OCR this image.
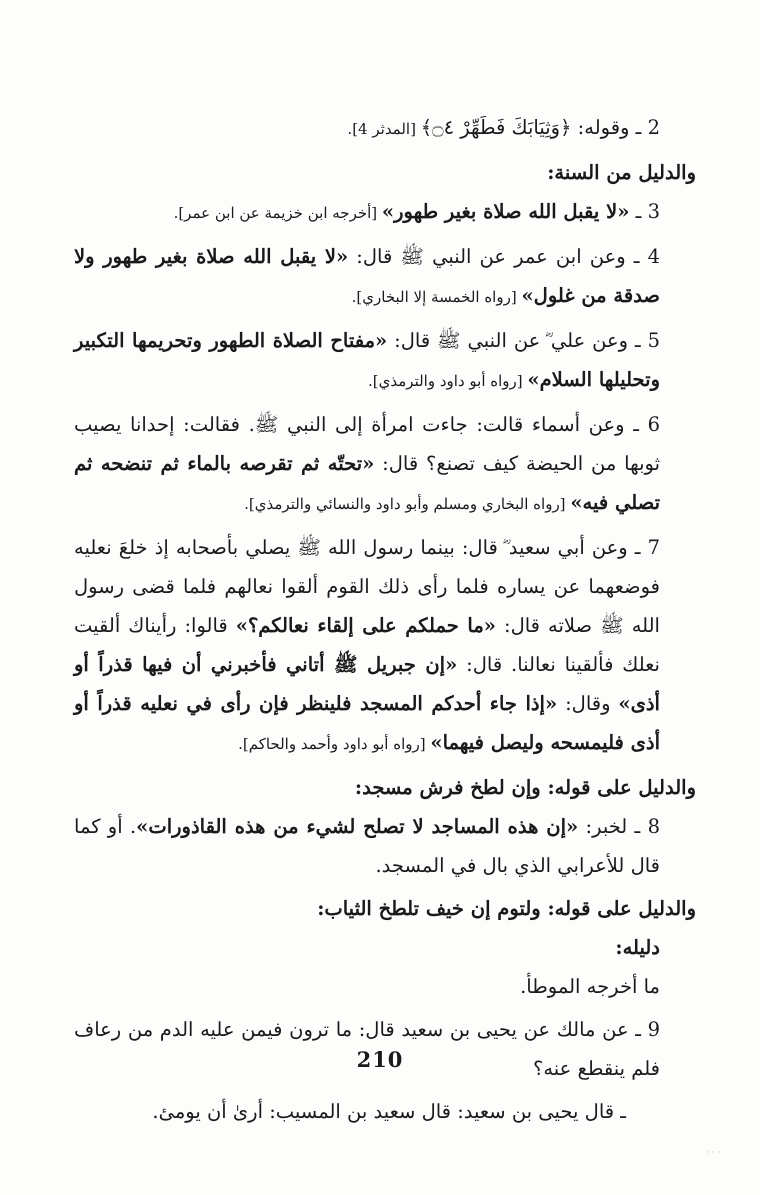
2 ـ وقوله: ﴿وَثِيَابَكَ فَطَهِّرْ ۝٤﴾ [المدثر 4].

والدليل من السنة:

3 ـ «لا يقبل الله صلاة بغير طهور» [أخرجه ابن خزيمة عن ابن عمر].

4 ـ وعن ابن عمر عن النبي ﷺ قال: «لا يقبل الله صلاة بغير طهور ولا صدقة من غلول» [رواه الخمسة إلا البخاري].

5 ـ وعن علي ؓ عن النبي ﷺ قال: «مفتاح الصلاة الطهور وتحريمها التكبير وتحليلها السلام» [رواه أبو داود والترمذي].

6 ـ وعن أسماء قالت: جاءت امرأة إلى النبي ﷺ. فقالت: إحدانا يصيب ثوبها من الحيضة كيف تصنع؟ قال: «تحتّه ثم تقرصه بالماء ثم تنضحه ثم تصلي فيه» [رواه البخاري ومسلم وأبو داود والنسائي والترمذي].

7 ـ وعن أبي سعيد ؓ قال: بينما رسول الله ﷺ يصلي بأصحابه إذ خلعَ نعليه فوضعهما عن يساره فلما رأى ذلك القوم ألقوا نعالهم فلما قضى رسول الله ﷺ صلاته قال: «ما حملكم على إلقاء نعالكم؟» قالوا: رأيناك ألقيت نعلك فألقينا نعالنا. قال: «إن جبريل ﷺ أتاني فأخبرني أن فيها قذراً أو أذى» وقال: «إذا جاء أحدكم المسجد فلينظر فإن رأى في نعليه قذراً أو أذى فليمسحه وليصل فيهما» [رواه أبو داود وأحمد والحاكم].

والدليل على قوله: وإن لطخ فرش مسجد:

8 ـ لخبر: «إن هذه المساجد لا تصلح لشيء من هذه القاذورات». أو كما قال للأعرابي الذي بال في المسجد.

والدليل على قوله: ولتوم إن خيف تلطخ الثياب:

دليله:

ما أخرجه الموطأ.

9 ـ عن مالك عن يحيى بن سعيد قال: ما ترون فيمن عليه الدم من رعاف فلم ينقطع عنه؟

ـ قال يحيى بن سعيد: قال سعيد بن المسيب: أرىٰ أن يومئ.

210
· · ·
